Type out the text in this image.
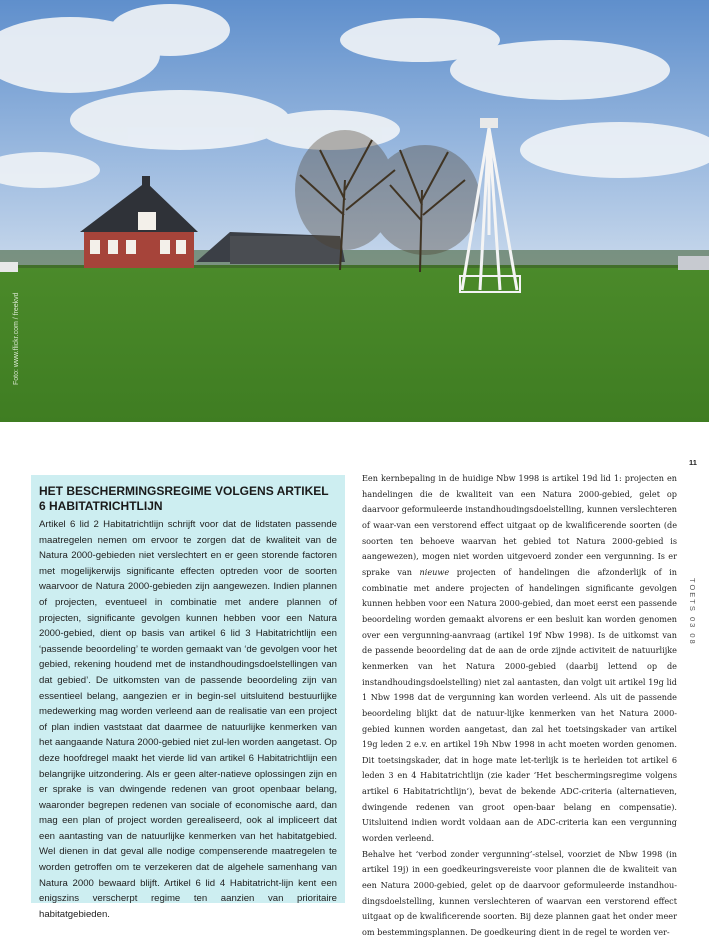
Foto: www.flickr.com / freekvd
11
TOETS 03 08
HET BESCHERMINGSREGIME VOLGENS ARTIKEL 6 HABITATRICHTLIJN

Artikel 6 lid 2 Habitatrichtlijn schrijft voor dat de lidstaten passende maatregelen nemen om ervoor te zorgen dat de kwaliteit van de Natura 2000-gebieden niet verslechtert en er geen storende factoren met mogelijkerwijs significante effecten optreden voor de soorten waarvoor de Natura 2000-gebieden zijn aangewezen. Indien plannen of projecten, eventueel in combinatie met andere plannen of projecten, significante gevolgen kunnen hebben voor een Natura 2000-gebied, dient op basis van artikel 6 lid 3 Habitatrichtlijn een ‘passende beoordeling’ te worden gemaakt van ‘de gevolgen voor het gebied, rekening houdend met de instandhoudingsdoelstellingen van dat gebied’. De uitkomsten van de passende beoordeling zijn van essentieel belang, aangezien er in begin-sel uitsluitend bestuurlijke medewerking mag worden verleend aan de realisatie van een project of plan indien vaststaat dat daarmee de natuurlijke kenmerken van het aangaande Natura 2000-gebied niet zul-len worden aangetast. Op deze hoofdregel maakt het vierde lid van artikel 6 Habitatrichtlijn een belangrijke uitzondering. Als er geen alter-natieve oplossingen zijn en er sprake is van dwingende redenen van groot openbaar belang, waaronder begrepen redenen van sociale of economische aard, dan mag een plan of project worden gerealiseerd, ook al impliceert dat een aantasting van de natuurlijke kenmerken van het habitatgebied. Wel dienen in dat geval alle nodige compenserende maatregelen te worden getroffen om te verzekeren dat de algehele samenhang van Natura 2000 bewaard blijft. Artikel 6 lid 4 Habitatricht-lijn kent een enigszins verscherpt regime ten aanzien van prioritaire habitatgebieden.

Een kernbepaling in de huidige Nbw 1998 is artikel 19d lid 1: projecten en handelingen die de kwaliteit van een Natura 2000-gebied, gelet op daarvoor geformuleerde instandhoudingsdoelstelling, kunnen verslechteren of waar-van een verstorend effect uitgaat op de kwalificerende soorten (de soorten ten behoeve waarvan het gebied tot Natura 2000-gebied is aangewezen), mogen niet worden uitgevoerd zonder een vergunning. Is er sprake van nieuwe projecten of handelingen die afzonderlijk of in combinatie met andere projecten of handelingen significante gevolgen kunnen hebben voor een Natura 2000-gebied, dan moet eerst een passende beoordeling worden gemaakt alvorens er een besluit kan worden genomen over een vergunning-aanvraag (artikel 19f Nbw 1998). Is de uitkomst van de passende beoordeling dat de aan de orde zijnde activiteit de natuurlijke kenmerken van het Natura 2000-gebied (daarbij lettend op de instandhoudingsdoelstelling) niet zal aantasten, dan volgt uit artikel 19g lid 1 Nbw 1998 dat de vergunning kan worden verleend. Als uit de passende beoordeling blijkt dat de natuur-lijke kenmerken van het Natura 2000-gebied kunnen worden aangetast, dan zal het toetsingskader van artikel 19g leden 2 e.v. en artikel 19h Nbw 1998 in acht moeten worden genomen. Dit toetsingskader, dat in hoge mate let-terlijk is te herleiden tot artikel 6 leden 3 en 4 Habitatrichtlijn (zie kader ‘Het beschermingsregime volgens artikel 6 Habitatrichtlijn’), bevat de bekende ADC-criteria (alternatieven, dwingende redenen van groot open-baar belang en compensatie). Uitsluitend indien wordt voldaan aan de ADC-criteria kan een vergunning worden verleend.

Behalve het ‘verbod zonder vergunning’-stelsel, voorziet de Nbw 1998 (in artikel 19j) in een goedkeuringsvereiste voor plannen die de kwaliteit van een Natura 2000-gebied, gelet op de daarvoor geformuleerde instandhou-dingsdoelstelling, kunnen verslechteren of waarvan een verstorend effect uitgaat op de kwalificerende soorten. Bij deze plannen gaat het onder meer om bestemmingsplannen. De goedkeuring dient in de regel te worden ver-
